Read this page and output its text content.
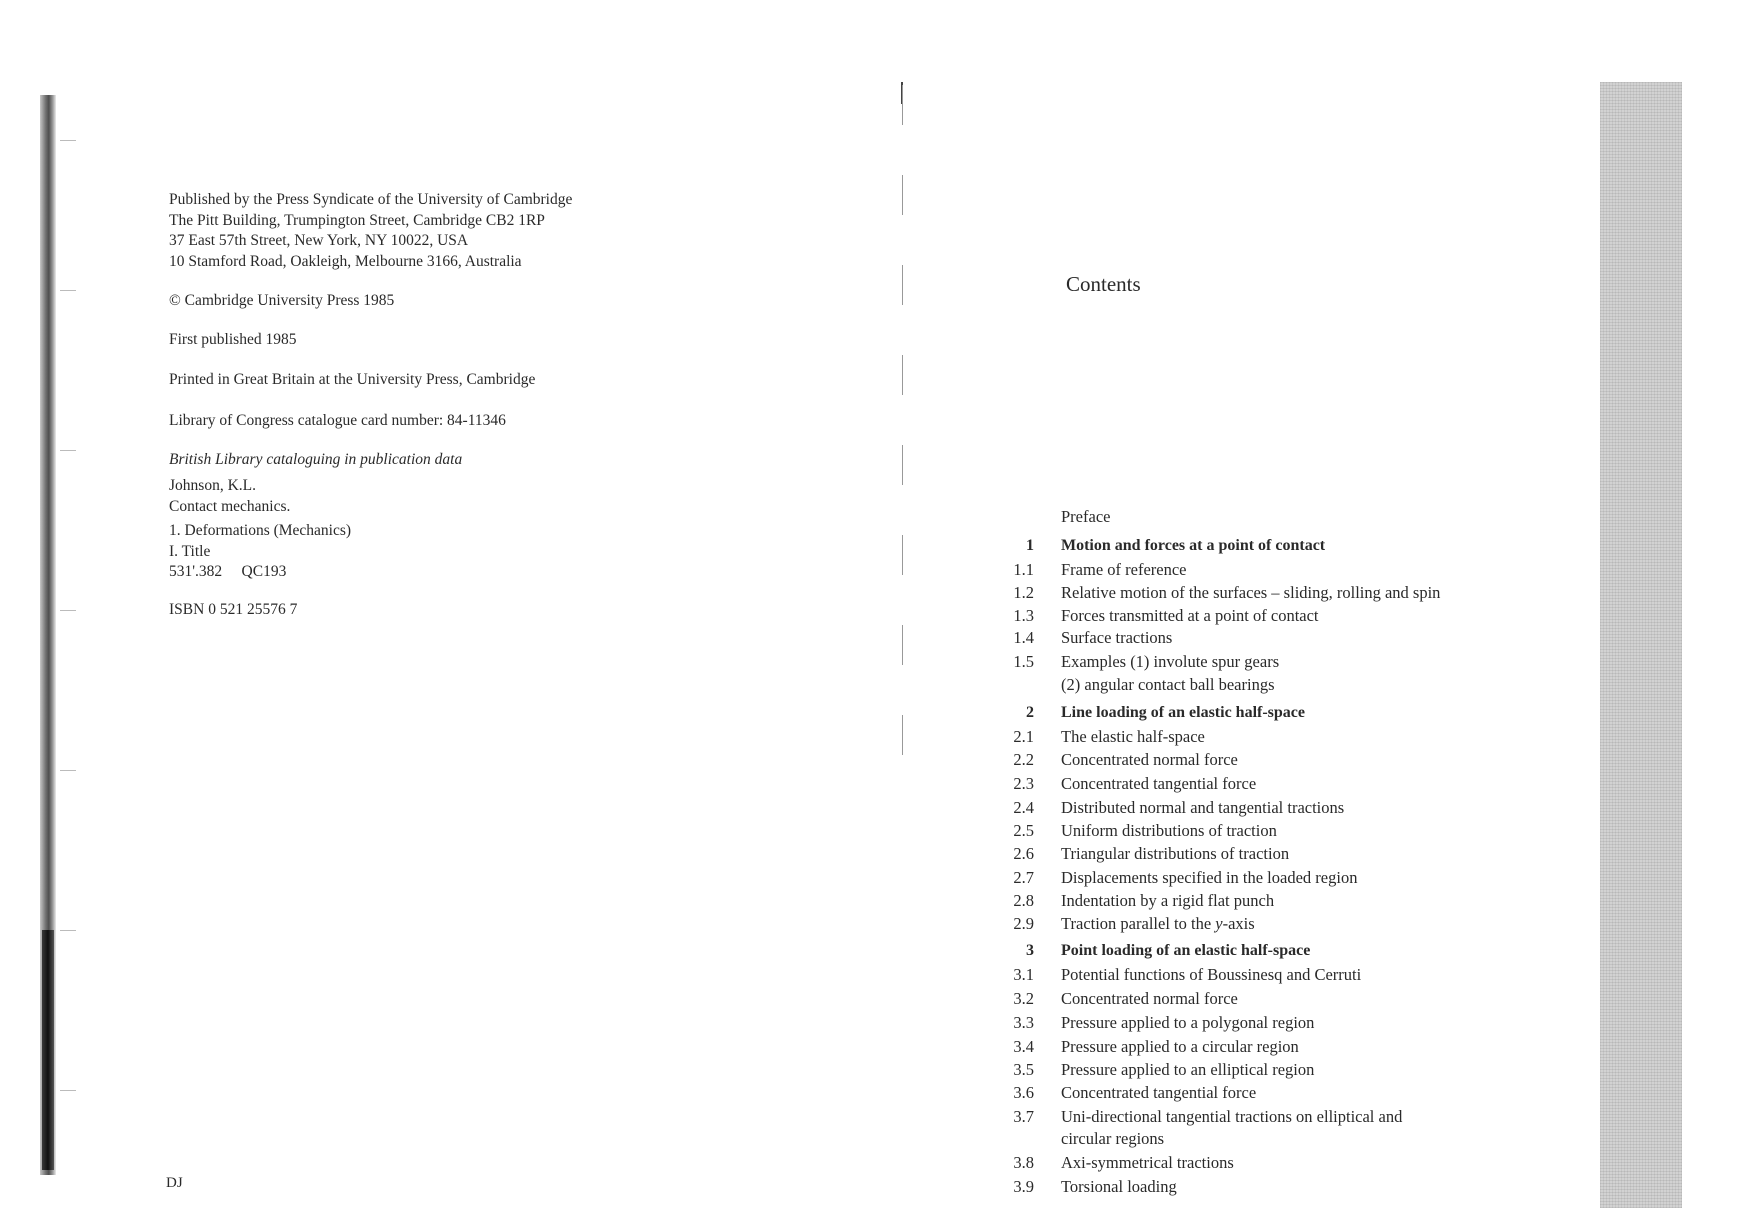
Published by the Press Syndicate of the University of Cambridge
The Pitt Building, Trumpington Street, Cambridge CB2 1RP
37 East 57th Street, New York, NY 10022, USA
10 Stamford Road, Oakleigh, Melbourne 3166, Australia
© Cambridge University Press 1985
First published 1985
Printed in Great Britain at the University Press, Cambridge
Library of Congress catalogue card number: 84-11346
British Library cataloguing in publication data
Johnson, K.L.
Contact mechanics.
1. Deformations (Mechanics)
I. Title
531'.382     QC193
ISBN 0 521 25576 7
DJ
Contents
Preface
1 Motion and forces at a point of contact
1.1 Frame of reference
1.2 Relative motion of the surfaces – sliding, rolling and spin
1.3 Forces transmitted at a point of contact
1.4 Surface tractions
1.5 Examples (1) involute spur gears
(2) angular contact ball bearings
2 Line loading of an elastic half-space
2.1 The elastic half-space
2.2 Concentrated normal force
2.3 Concentrated tangential force
2.4 Distributed normal and tangential tractions
2.5 Uniform distributions of traction
2.6 Triangular distributions of traction
2.7 Displacements specified in the loaded region
2.8 Indentation by a rigid flat punch
2.9 Traction parallel to the y-axis
3 Point loading of an elastic half-space
3.1 Potential functions of Boussinesq and Cerruti
3.2 Concentrated normal force
3.3 Pressure applied to a polygonal region
3.4 Pressure applied to a circular region
3.5 Pressure applied to an elliptical region
3.6 Concentrated tangential force
3.7 Uni-directional tangential tractions on elliptical and
circular regions
3.8 Axi-symmetrical tractions
3.9 Torsional loading
